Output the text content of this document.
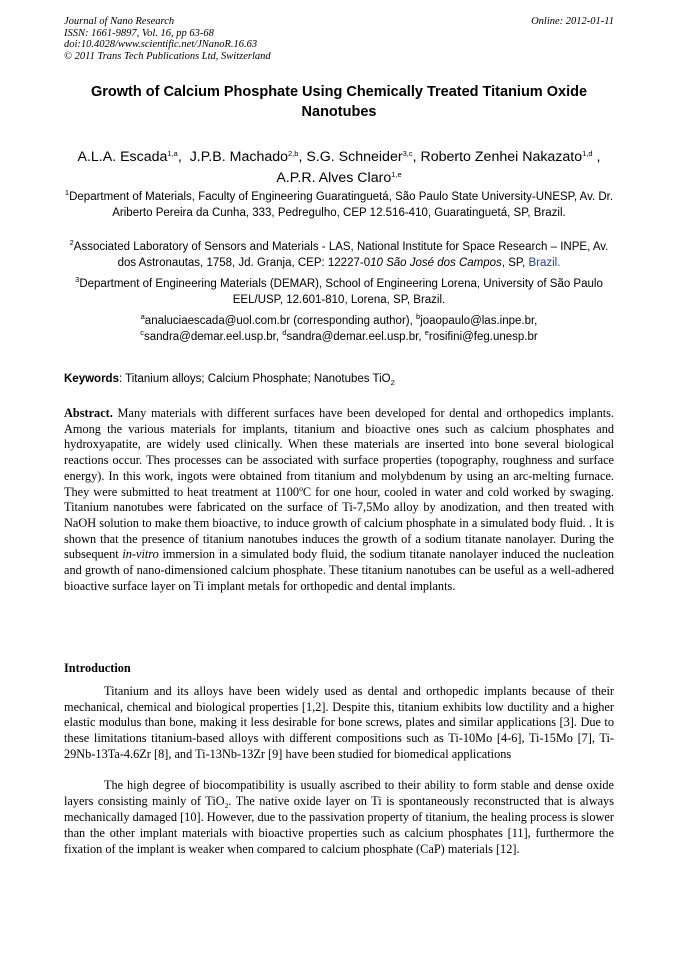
Journal of Nano Research
ISSN: 1661-9897, Vol. 16, pp 63-68
doi:10.4028/www.scientific.net/JNanoR.16.63
© 2011 Trans Tech Publications Ltd, Switzerland
Online: 2012-01-11
Growth of Calcium Phosphate Using Chemically Treated Titanium Oxide Nanotubes
A.L.A. Escada$^{1,a}$,  J.P.B. Machado$^{2,b}$, S.G. Schneider$^{3,c}$, Roberto Zenhei Nakazato$^{1,d}$ , A.P.R. Alves Claro$^{1,e}$
$^1$Department of Materials, Faculty of Engineering Guaratinguetá, São Paulo State University-UNESP, Av. Dr. Ariberto Pereira da Cunha, 333, Pedregulho, CEP 12.516-410, Guaratinguetá, SP, Brazil.
$^2$Associated Laboratory of Sensors and Materials - LAS, National Institute for Space Research – INPE, Av. dos Astronautas, 1758, Jd. Granja, CEP: 12227-010 São José dos Campos, SP, Brazil.
$^3$Department of Engineering Materials (DEMAR), School of Engineering Lorena, University of São Paulo EEL/USP, 12.601-810, Lorena, SP, Brazil.
$^a$analuciaescada@uol.com.br (corresponding author), $^b$joaopaulo@las.inpe.br,
$^c$sandra@demar.eel.usp.br, $^d$sandra@demar.eel.usp.br, $^e$rosifini@feg.unesp.br
Keywords: Titanium alloys; Calcium Phosphate; Nanotubes TiO$_2$
Abstract. Many materials with different surfaces have been developed for dental and orthopedics implants. Among the various materials for implants, titanium and bioactive ones such as calcium phosphates and hydroxyapatite, are widely used clinically. When these materials are inserted into bone several biological reactions occur. Thes processes can be associated with surface properties (topography, roughness and surface energy). In this work, ingots were obtained from titanium and molybdenum by using an arc-melting furnace. They were submitted to heat treatment at 1100ºC for one hour, cooled in water and cold worked by swaging. Titanium nanotubes were fabricated on the surface of Ti-7,5Mo alloy by anodization, and then treated with NaOH solution to make them bioactive, to induce growth of calcium phosphate in a simulated body fluid. . It is shown that the presence of titanium nanotubes induces the growth of a sodium titanate nanolayer. During the subsequent in-vitro immersion in a simulated body fluid, the sodium titanate nanolayer induced the nucleation and growth of nano-dimensioned calcium phosphate. These titanium nanotubes can be useful as a well-adhered bioactive surface layer on Ti implant metals for orthopedic and dental implants.
Introduction
Titanium and its alloys have been widely used as dental and orthopedic implants because of their mechanical, chemical and biological properties [1,2]. Despite this, titanium exhibits low ductility and a higher elastic modulus than bone, making it less desirable for bone screws, plates and similar applications [3]. Due to these limitations titanium-based alloys with different compositions such as Ti-10Mo [4-6], Ti-15Mo [7], Ti-29Nb-13Ta-4.6Zr [8], and Ti-13Nb-13Zr [9] have been studied for biomedical applications
The high degree of biocompatibility is usually ascribed to their ability to form stable and dense oxide layers consisting mainly of TiO$_2$. The native oxide layer on Ti is spontaneously reconstructed that is always mechanically damaged [10]. However, due to the passivation property of titanium, the healing process is slower than the other implant materials with bioactive properties such as calcium phosphates [11], furthermore the fixation of the implant is weaker when compared to calcium phosphate (CaP) materials [12].
